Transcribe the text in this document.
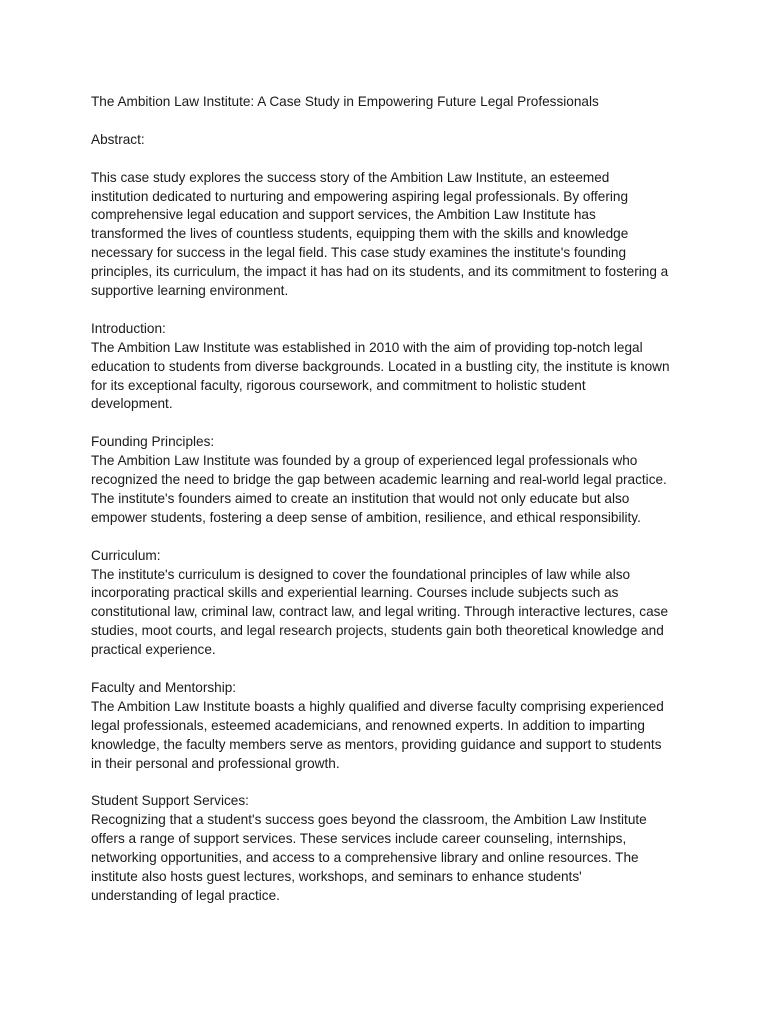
The Ambition Law Institute: A Case Study in Empowering Future Legal Professionals

Abstract:

This case study explores the success story of the Ambition Law Institute, an esteemed
institution dedicated to nurturing and empowering aspiring legal professionals. By offering
comprehensive legal education and support services, the Ambition Law Institute has
transformed the lives of countless students, equipping them with the skills and knowledge
necessary for success in the legal field. This case study examines the institute's founding
principles, its curriculum, the impact it has had on its students, and its commitment to fostering a
supportive learning environment.

Introduction:

The Ambition Law Institute was established in 2010 with the aim of providing top-notch legal
education to students from diverse backgrounds. Located in a bustling city, the institute is known
for its exceptional faculty, rigorous coursework, and commitment to holistic student
development.

Founding Principles:

The Ambition Law Institute was founded by a group of experienced legal professionals who
recognized the need to bridge the gap between academic learning and real-world legal practice.
The institute's founders aimed to create an institution that would not only educate but also
empower students, fostering a deep sense of ambition, resilience, and ethical responsibility.

Curriculum:

The institute's curriculum is designed to cover the foundational principles of law while also
incorporating practical skills and experiential learning. Courses include subjects such as
constitutional law, criminal law, contract law, and legal writing. Through interactive lectures, case
studies, moot courts, and legal research projects, students gain both theoretical knowledge and
practical experience.

Faculty and Mentorship:

The Ambition Law Institute boasts a highly qualified and diverse faculty comprising experienced
legal professionals, esteemed academicians, and renowned experts. In addition to imparting
knowledge, the faculty members serve as mentors, providing guidance and support to students
in their personal and professional growth.

Student Support Services:

Recognizing that a student's success goes beyond the classroom, the Ambition Law Institute
offers a range of support services. These services include career counseling, internships,
networking opportunities, and access to a comprehensive library and online resources. The
institute also hosts guest lectures, workshops, and seminars to enhance students'
understanding of legal practice.
